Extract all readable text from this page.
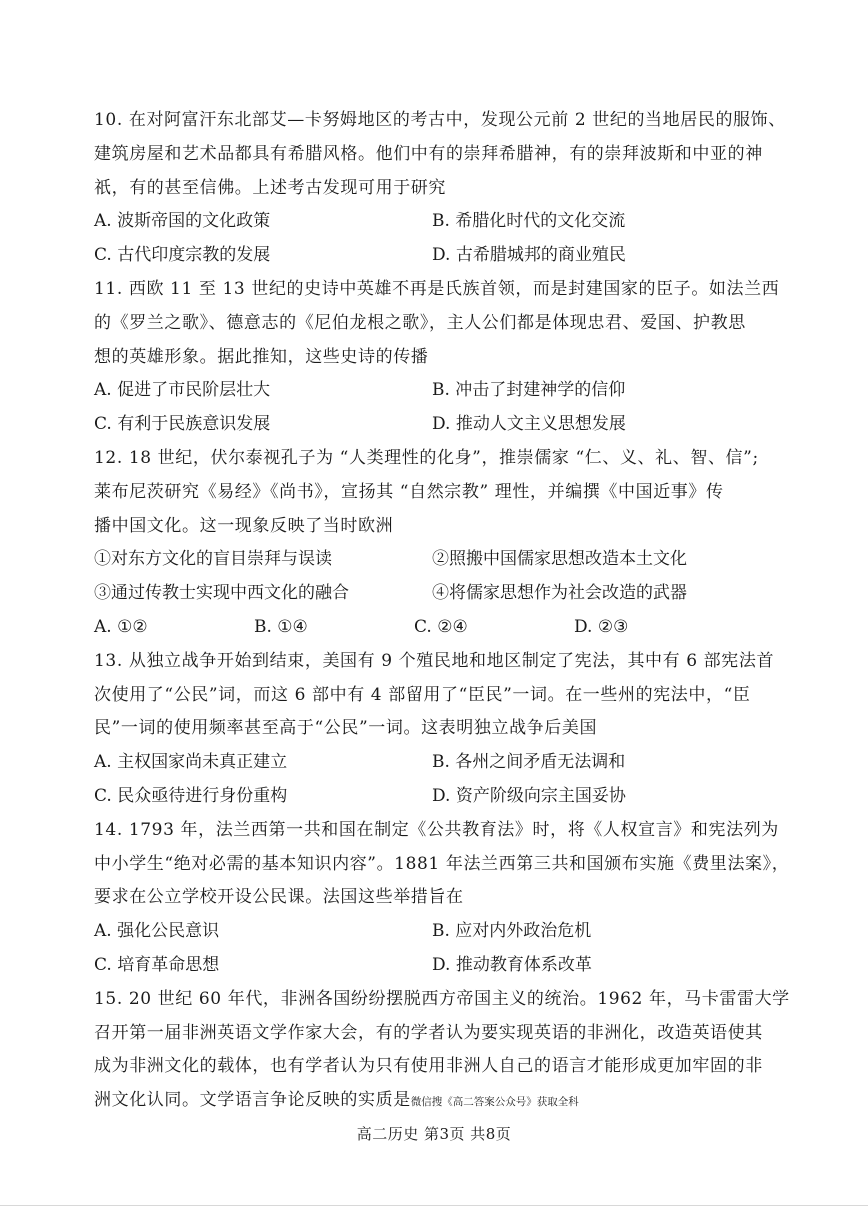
10. 在对阿富汗东北部艾—卡努姆地区的考古中，发现公元前 2 世纪的当地居民的服饰、
建筑房屋和艺术品都具有希腊风格。他们中有的崇拜希腊神，有的崇拜波斯和中亚的神
祇，有的甚至信佛。上述考古发现可用于研究
A. 波斯帝国的文化政策	B. 希腊化时代的文化交流
C. 古代印度宗教的发展	D. 古希腊城邦的商业殖民
11. 西欧 11 至 13 世纪的史诗中英雄不再是氏族首领，而是封建国家的臣子。如法兰西
的《罗兰之歌》、德意志的《尼伯龙根之歌》，主人公们都是体现忠君、爱国、护教思
想的英雄形象。据此推知，这些史诗的传播
A. 促进了市民阶层壮大	B. 冲击了封建神学的信仰
C. 有利于民族意识发展	D. 推动人文主义思想发展
12. 18 世纪，伏尔泰视孔子为 “人类理性的化身”，推崇儒家 “仁、义、礼、智、信”;
莱布尼茨研究《易经》《尚书》，宣扬其 “自然宗教” 理性，并编撰《中国近事》传
播中国文化。这一现象反映了当时欧洲
①对东方文化的盲目崇拜与误读	②照搬中国儒家思想改造本土文化
③通过传教士实现中西文化的融合	④将儒家思想作为社会改造的武器
A. ①②	B. ①④	C. ②④	D. ②③
13. 从独立战争开始到结束，美国有 9 个殖民地和地区制定了宪法，其中有 6 部宪法首
次使用了“公民”词，而这 6 部中有 4 部留用了“臣民”一词。在一些州的宪法中，“臣
民”一词的使用频率甚至高于“公民”一词。这表明独立战争后美国
A. 主权国家尚未真正建立	B. 各州之间矛盾无法调和
C. 民众亟待进行身份重构	D. 资产阶级向宗主国妥协
14. 1793 年，法兰西第一共和国在制定《公共教育法》时，将《人权宣言》和宪法列为
中小学生“绝对必需的基本知识内容”。1881 年法兰西第三共和国颁布实施《费里法案》，
要求在公立学校开设公民课。法国这些举措旨在
A. 强化公民意识	B. 应对内外政治危机
C. 培育革命思想	D. 推动教育体系改革
15. 20 世纪 60 年代，非洲各国纷纷摆脱西方帝国主义的统治。1962 年，马卡雷雷大学
召开第一届非洲英语文学作家大会，有的学者认为要实现英语的非洲化，改造英语使其
成为非洲文化的载体，也有学者认为只有使用非洲人自己的语言才能形成更加牢固的非
洲文化认同。文学语言争论反映的实质是微信搜《高二答案公众号》获取全科
高二历史 第3页 共8页
